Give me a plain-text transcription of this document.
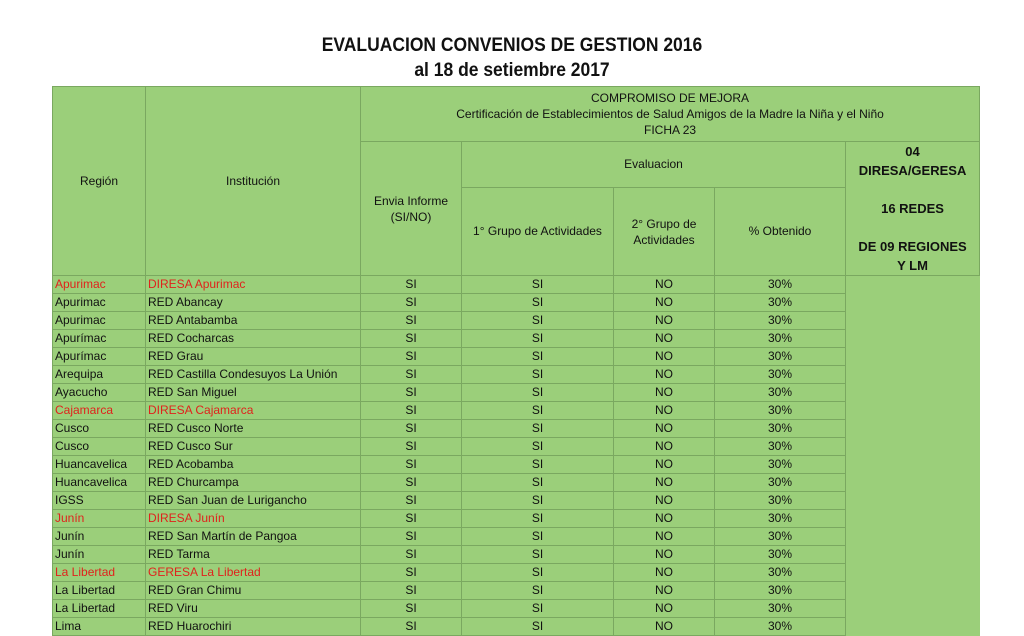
EVALUACION CONVENIOS DE GESTION 2016
al 18 de setiembre 2017
Región	Institución	COMPROMISO DE MEJORA
Certificación de Establecimientos de Salud Amigos de la Madre la Niña y el Niño
FICHA 23				

		Envia Informe (SI/NO)	Evaluacion			04
DIRESA/GERESA
16 REDES
DE 09 REGIONES
Y LM

			1° Grupo de Actividades	2° Grupo de Actividades	% Obtenido	
Apurimac	DIRESA Apurimac	SI	SI	NO	30%	
Apurimac	RED Abancay	SI	SI	NO	30%	
Apurimac	RED Antabamba	SI	SI	NO	30%	
Apurímac	RED Cocharcas	SI	SI	NO	30%	
Apurímac	RED Grau	SI	SI	NO	30%	
Arequipa	RED Castilla Condesuyos La Unión	SI	SI	NO	30%	
Ayacucho	RED San Miguel	SI	SI	NO	30%	
Cajamarca	DIRESA Cajamarca	SI	SI	NO	30%	
Cusco	RED Cusco Norte	SI	SI	NO	30%	
Cusco	RED Cusco Sur	SI	SI	NO	30%	
Huancavelica	RED Acobamba	SI	SI	NO	30%	
Huancavelica	RED Churcampa	SI	SI	NO	30%	
IGSS	RED San Juan de Lurigancho	SI	SI	NO	30%	
Junín	DIRESA Junín	SI	SI	NO	30%	
Junín	RED San Martín de Pangoa	SI	SI	NO	30%	
Junín	RED Tarma	SI	SI	NO	30%	
La Libertad	GERESA La Libertad	SI	SI	NO	30%	
La Libertad	RED Gran Chimu	SI	SI	NO	30%	
La Libertad	RED Viru	SI	SI	NO	30%	
Lima	RED Huarochiri	SI	SI	NO	30%	
